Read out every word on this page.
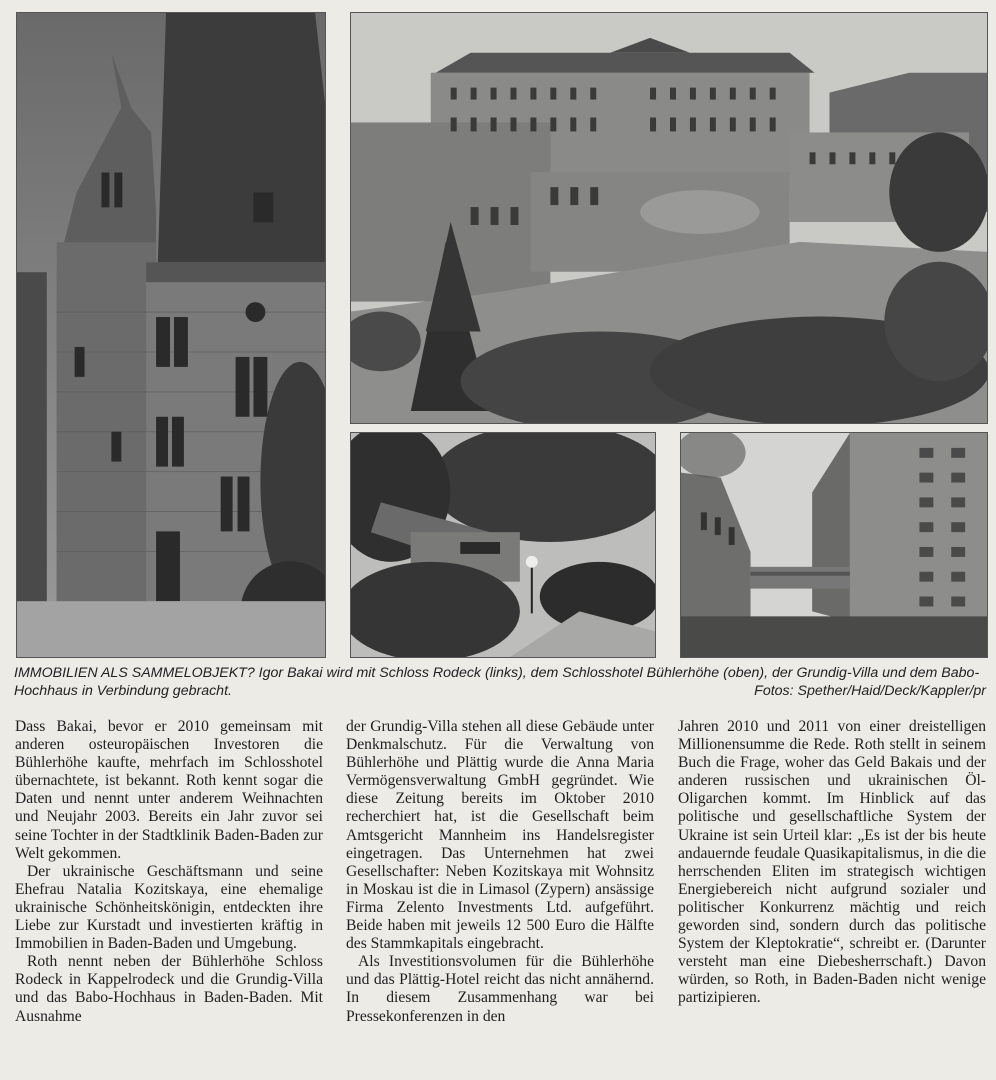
IMMOBILIEN ALS SAMMELOBJEKT? Igor Bakai wird mit Schloss Rodeck (links), dem Schlosshotel Bühlerhöhe (oben), der Grundig-Villa und dem Babo-Hochhaus in Verbindung gebracht.	Fotos: Spether/Haid/Deck/Kappler/pr

Dass Bakai, bevor er 2010 gemeinsam mit anderen osteuropäischen Investoren die Bühlerhöhe kaufte, mehrfach im Schlosshotel übernachtete, ist bekannt. Roth kennt sogar die Daten und nennt unter anderem Weihnachten und Neujahr 2003. Bereits ein Jahr zuvor sei seine Tochter in der Stadtklinik Baden-Baden zur Welt gekommen.

Der ukrainische Geschäftsmann und seine Ehefrau Natalia Kozitskaya, eine ehemalige ukrainische Schönheitskönigin, entdeckten ihre Liebe zur Kurstadt und investierten kräftig in Immobilien in Baden-Baden und Umgebung.

Roth nennt neben der Bühlerhöhe Schloss Rodeck in Kappelrodeck und die Grundig-Villa und das Babo-Hochhaus in Baden-Baden. Mit Ausnahme

der Grundig-Villa stehen all diese Gebäude unter Denkmalschutz. Für die Verwaltung von Bühlerhöhe und Plättig wurde die Anna Maria Vermögensverwaltung GmbH gegründet. Wie diese Zeitung bereits im Oktober 2010 recherchiert hat, ist die Gesellschaft beim Amtsgericht Mannheim ins Handelsregister eingetragen. Das Unternehmen hat zwei Gesellschafter: Neben Kozitskaya mit Wohnsitz in Moskau ist die in Limasol (Zypern) ansässige Firma Zelento Investments Ltd. aufgeführt. Beide haben mit jeweils 12 500 Euro die Hälfte des Stammkapitals eingebracht.

Als Investitionsvolumen für die Bühlerhöhe und das Plättig-Hotel reicht das nicht annähernd. In diesem Zusammenhang war bei Pressekonferenzen in den

Jahren 2010 und 2011 von einer dreistelligen Millionensumme die Rede. Roth stellt in seinem Buch die Frage, woher das Geld Bakais und der anderen russischen und ukrainischen Öl-Oligarchen kommt. Im Hinblick auf das politische und gesellschaftliche System der Ukraine ist sein Urteil klar: „Es ist der bis heute andauernde feudale Quasikapitalismus, in die die herrschenden Eliten im strategisch wichtigen Energiebereich nicht aufgrund sozialer und politischer Konkurrenz mächtig und reich geworden sind, sondern durch das politische System der Kleptokratie“, schreibt er. (Darunter versteht man eine Diebesherrschaft.) Davon würden, so Roth, in Baden-Baden nicht wenige partizipieren.
